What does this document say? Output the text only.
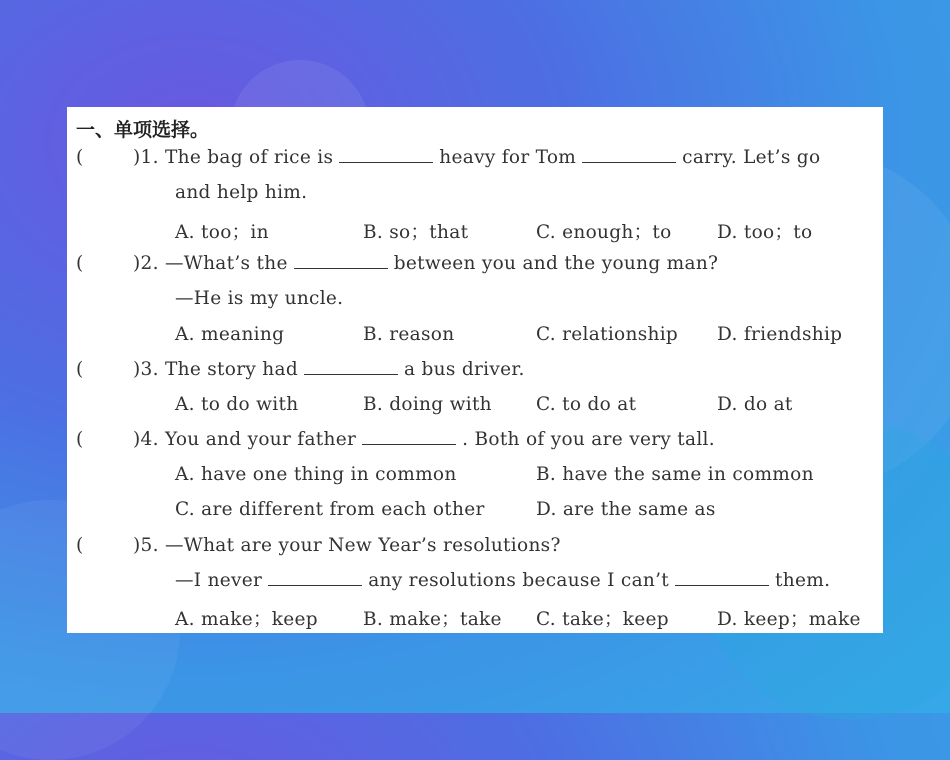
一、单项选择。
(	)1. The bag of rice is	heavy for Tom	carry. Let’s go
and help him.
A. too；in	B. so；that	C. enough；to D. too；to
(	)2. —What’s the	between you and the young man?
—He is my uncle.
A. meaning	B. reason	C. relationship D. friendship
(	)3. The story had	a bus driver.
A. to do with	B. doing with C. to do at	D. do at
(	)4. You and your father	. Both of you are very tall.
A. have one thing in common	B. have the same in common
C. are different from each other	D. are the same as
(	)5. —What are your New Year’s resolutions?
—I never	any resolutions because I can’t	them.
A. make；keep B. make；take C. take；keep	D. keep；make
